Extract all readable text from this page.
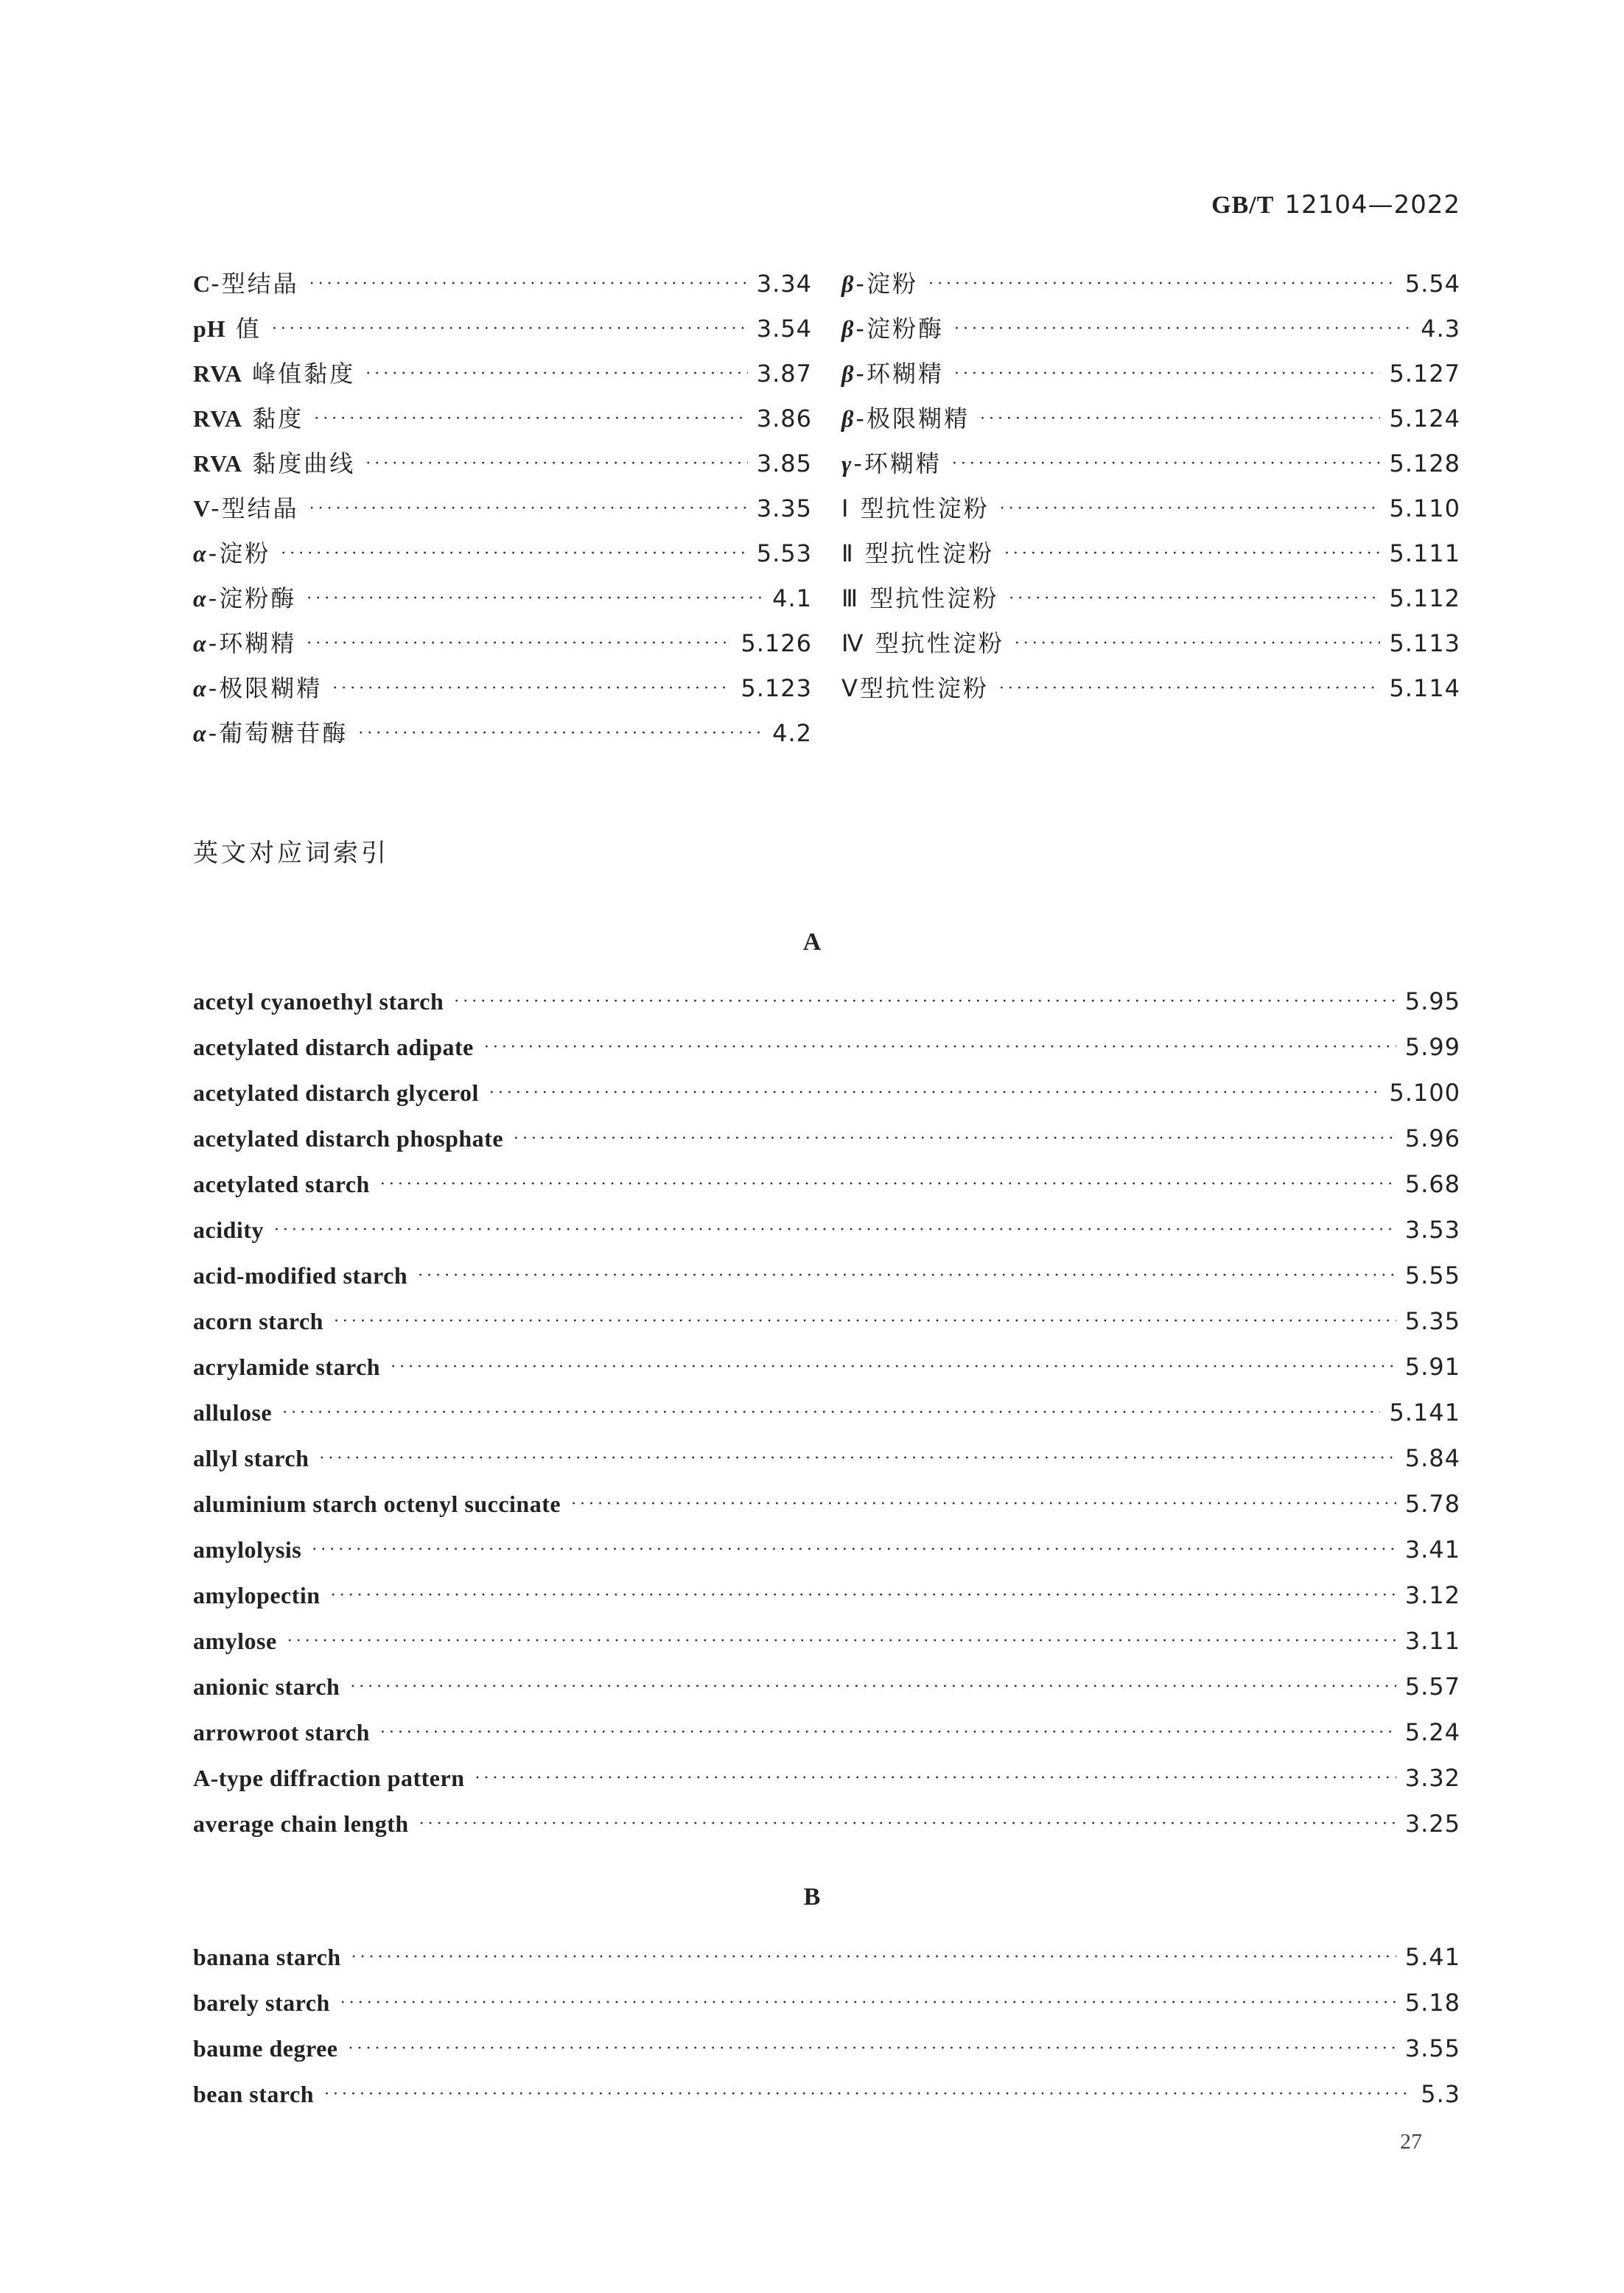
GB/T 12104—2022
C-型结晶 ·····	3.34
pH 值 ·····	3.54
RVA 峰值黏度 ·····	3.87
RVA 黏度 ·····	3.86
RVA 黏度曲线 ·····	3.85
V-型结晶 ·····	3.35
α-淀粉 ·····	5.53
α-淀粉酶 ·····	4.1
α-环糊精 ·····	5.126
α-极限糊精 ·····	5.123
α-葡萄糖苷酶 ·····	4.2
β-淀粉 ·····	5.54
β-淀粉酶 ·····	4.3
β-环糊精 ·····	5.127
β-极限糊精 ·····	5.124
γ-环糊精 ·····	5.128
Ⅰ 型抗性淀粉 ·····	5.110
Ⅱ 型抗性淀粉 ·····	5.111
Ⅲ 型抗性淀粉 ·····	5.112
Ⅳ 型抗性淀粉 ·····	5.113
Ⅴ型抗性淀粉 ·····	5.114
英文对应词索引
A
acetyl cyanoethyl starch ·····	5.95
acetylated distarch adipate ·····	5.99
acetylated distarch glycerol ·····	5.100
acetylated distarch phosphate ·····	5.96
acetylated starch ·····	5.68
acidity ·····	3.53
acid-modified starch ·····	5.55
acorn starch ·····	5.35
acrylamide starch ·····	5.91
allulose ·····	5.141
allyl starch ·····	5.84
aluminium starch octenyl succinate ·····	5.78
amylolysis ·····	3.41
amylopectin ·····	3.12
amylose ·····	3.11
anionic starch ·····	5.57
arrowroot starch ·····	5.24
A-type diffraction pattern ·····	3.32
average chain length ·····	3.25
B
banana starch ·····	5.41
barely starch ·····	5.18
baume degree ·····	3.55
bean starch ·····	5.3
27
